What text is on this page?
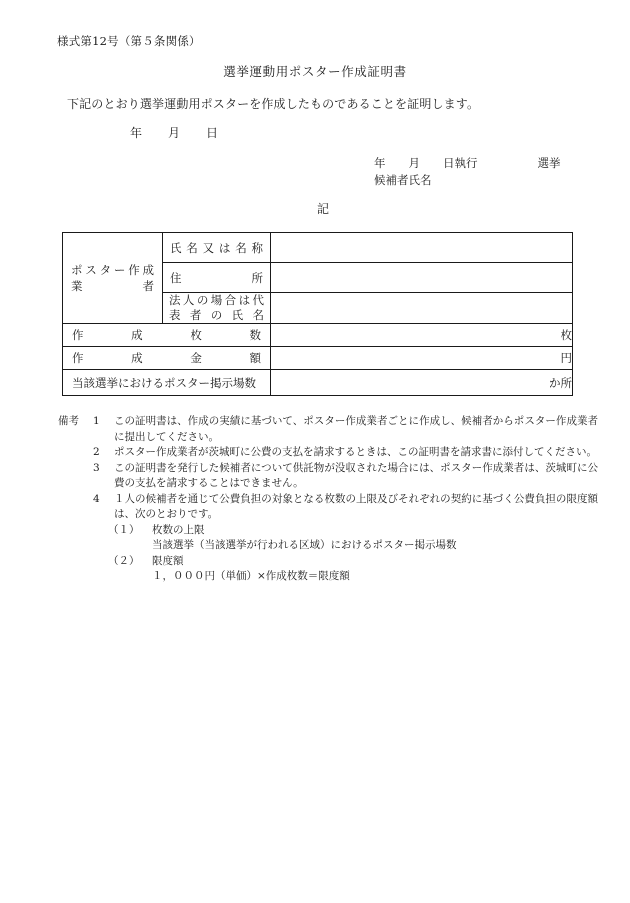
様式第12号（第５条関係）
選挙運動用ポスター作成証明書
下記のとおり選挙運動用ポスターを作成したものであることを証明します。
年 月 日
年　　月　　日執行	選挙
候補者氏名
記
ポスター作成
業　　　　者	氏名又は名称	

	住　　　所	

	法人の場合は代
表者の氏名	

作　　成　　枚　　数		枚

作　　成　　金　　額		円

当該選挙におけるポスター掲示場数		か所
備考	1	この証明書は、作成の実績に基づいて、ポスター作成業者ごとに作成し、候補者からポスター作成業者に提出してください。
2	ポスター作成業者が茨城町に公費の支払を請求するときは、この証明書を請求書に添付してください。
3	この証明書を発行した候補者について供託物が没収された場合には、ポスター作成業者は、茨城町に公費の支払を請求することはできません。
4	１人の候補者を通じて公費負担の対象となる枚数の上限及びそれぞれの契約に基づく公費負担の限度額は、次のとおりです。
（１）	枚数の上限
当該選挙（当該選挙が行われる区域）におけるポスター掲示場数
（２）	限度額
１，０００円（単価）×作成枚数＝限度額
